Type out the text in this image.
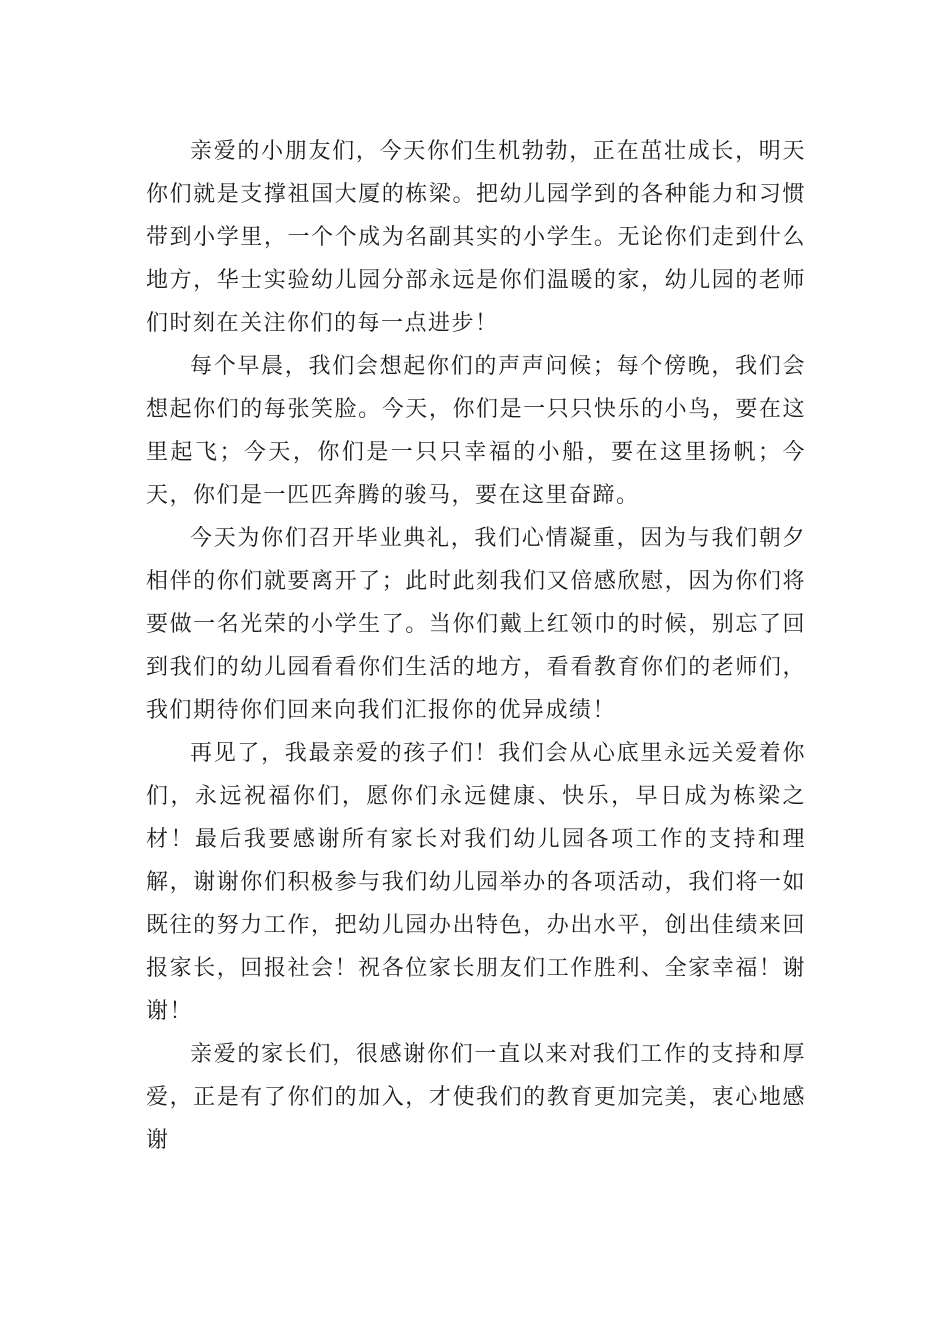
亲爱的小朋友们，今天你们生机勃勃，正在茁壮成长，明天你们就是支撑祖国大厦的栋梁。把幼儿园学到的各种能力和习惯带到小学里，一个个成为名副其实的小学生。无论你们走到什么地方，华士实验幼儿园分部永远是你们温暖的家，幼儿园的老师们时刻在关注你们的每一点进步！

每个早晨，我们会想起你们的声声问候；每个傍晚，我们会想起你们的每张笑脸。今天，你们是一只只快乐的小鸟，要在这里起飞；今天，你们是一只只幸福的小船，要在这里扬帆；今天，你们是一匹匹奔腾的骏马，要在这里奋蹄。

今天为你们召开毕业典礼，我们心情凝重，因为与我们朝夕相伴的你们就要离开了；此时此刻我们又倍感欣慰，因为你们将要做一名光荣的小学生了。当你们戴上红领巾的时候，别忘了回到我们的幼儿园看看你们生活的地方，看看教育你们的老师们，我们期待你们回来向我们汇报你的优异成绩！

再见了，我最亲爱的孩子们！我们会从心底里永远关爱着你们，永远祝福你们，愿你们永远健康、快乐，早日成为栋梁之材！最后我要感谢所有家长对我们幼儿园各项工作的支持和理解，谢谢你们积极参与我们幼儿园举办的各项活动，我们将一如既往的努力工作，把幼儿园办出特色，办出水平，创出佳绩来回报家长，回报社会！祝各位家长朋友们工作胜利、全家幸福！谢谢！

亲爱的家长们，很感谢你们一直以来对我们工作的支持和厚爱，正是有了你们的加入，才使我们的教育更加完美，衷心地感谢
